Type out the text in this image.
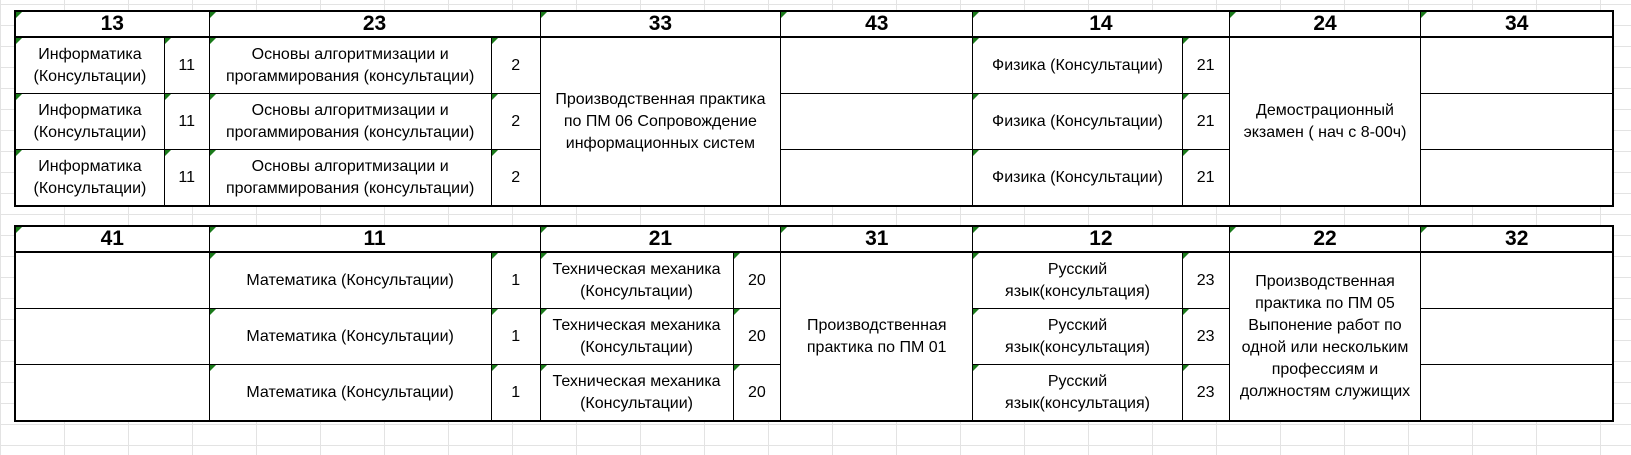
13		23		33	43	14		24	34

Информатика (Консультации)	11	Основы алгоритмизации и прогаммирования (консультации)	2	Производственная практика по ПМ 06 Сопровождение информационных систем		Физика (Консультации)	21	Демострационный экзамен ( нач с 8-00ч)	
Информатика (Консультации)	11	Основы алгоритмизации и прогаммирования (консультации)	2			Физика (Консультации)	21	

Информатика (Консультации)	11	Основы алгоритмизации и прогаммирования (консультации)	2			Физика (Консультации)	21	

41	11		21		31	12		22	32

	Математика (Консультации)	1	Техническая механика (Консультации)	20	Производственная практика по ПМ 01	Русский язык(консультация)	23	Производственная практика по ПМ 05 Выпонение работ по одной или нескольким профессиям и должностям служищих	
	Математика (Консультации)	1	Техническая механика (Консультации)	20		Русский язык(консультация)	23	

	Математика (Консультации)	1	Техническая механика (Консультации)	20		Русский язык(консультация)	23	
